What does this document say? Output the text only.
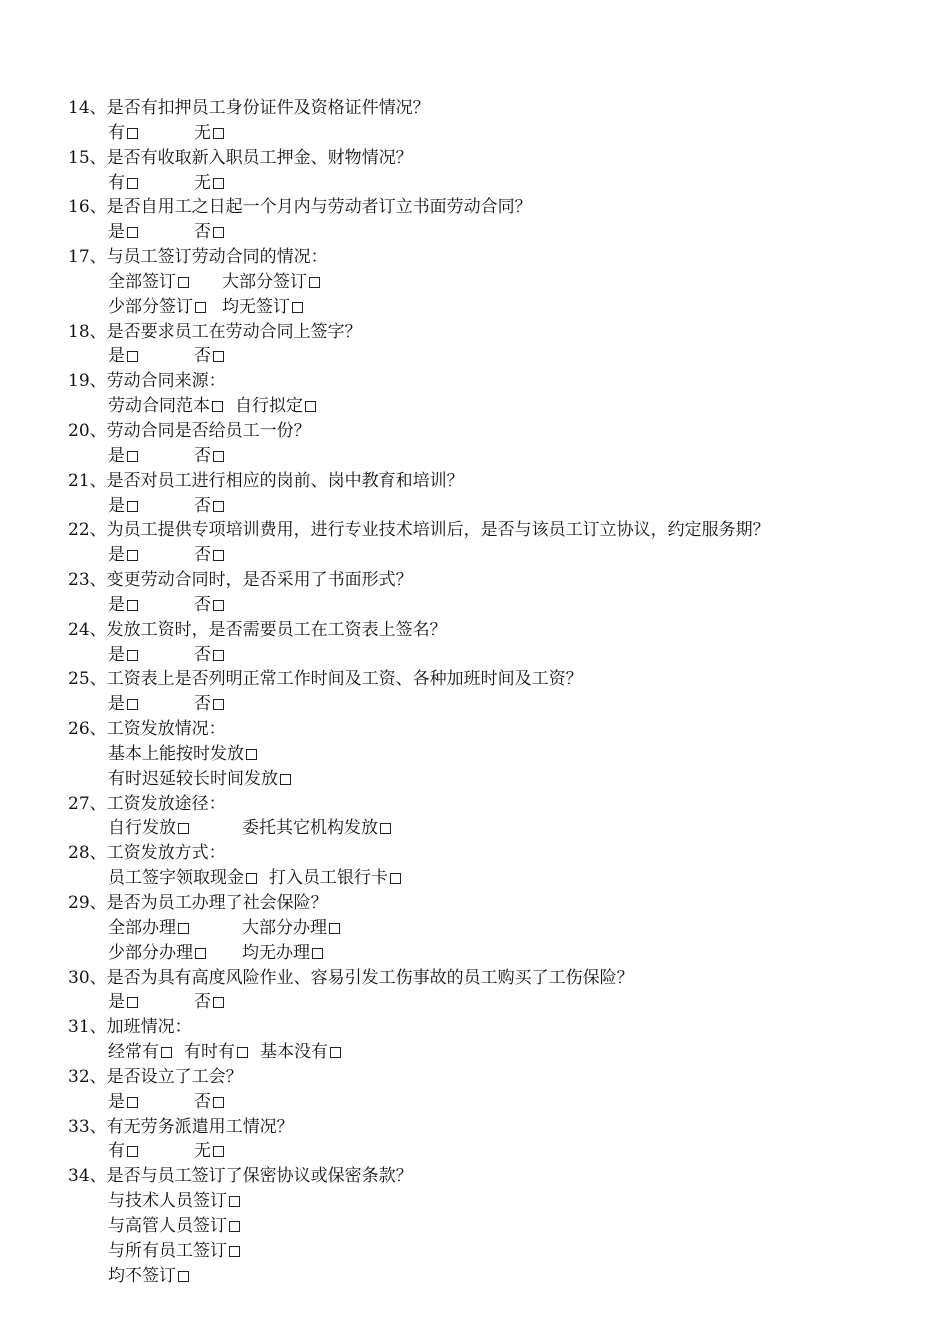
14、是否有扣押员工身份证件及资格证件情况？
有	无
15、是否有收取新入职员工押金、财物情况？
有	无
16、是否自用工之日起一个月内与劳动者订立书面劳动合同？
是	否
17、与员工签订劳动合同的情况：
全部签订	大部分签订
少部分签订 均无签订
18、是否要求员工在劳动合同上签字？
是	否
19、劳动合同来源：
劳动合同范本 自行拟定
20、劳动合同是否给员工一份？
是	否
21、是否对员工进行相应的岗前、岗中教育和培训？
是	否
22、为员工提供专项培训费用，进行专业技术培训后，是否与该员工订立协议，约定服务期？
是	否
23、变更劳动合同时，是否采用了书面形式？
是	否
24、发放工资时，是否需要员工在工资表上签名？
是	否
25、工资表上是否列明正常工作时间及工资、各种加班时间及工资？
是	否
26、工资发放情况：
基本上能按时发放
有时迟延较长时间发放
27、工资发放途径：
自行发放	委托其它机构发放
28、工资发放方式：
员工签字领取现金 打入员工银行卡
29、是否为员工办理了社会保险？
全部办理	大部分办理
少部分办理	均无办理
30、是否为具有高度风险作业、容易引发工伤事故的员工购买了工伤保险？
是	否
31、加班情况：
经常有 有时有 基本没有
32、是否设立了工会？
是	否
33、有无劳务派遣用工情况？
有	无
34、是否与员工签订了保密协议或保密条款？
与技术人员签订
与高管人员签订
与所有员工签订
均不签订
